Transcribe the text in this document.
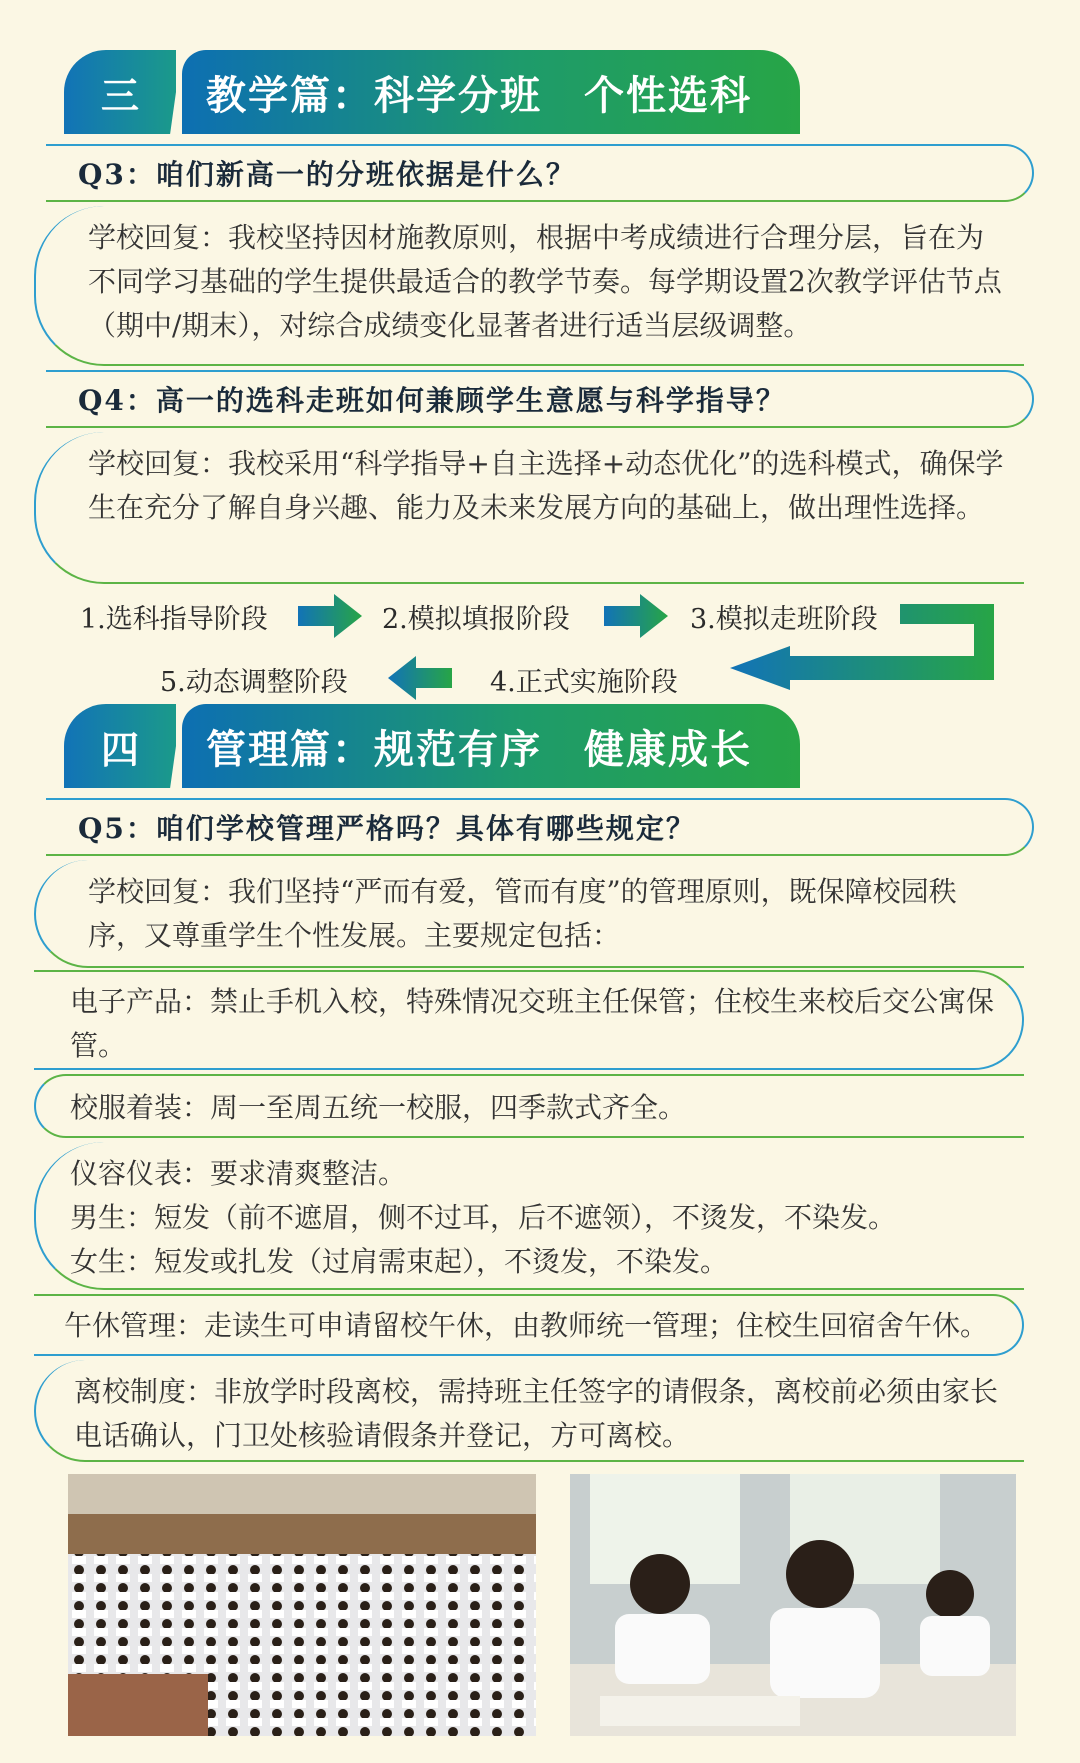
三	教学篇：科学分班　个性选科
Q3：咱们新高一的分班依据是什么？
学校回复：我校坚持因材施教原则，根据中考成绩进行合理分层，旨在为不同学习基础的学生提供最适合的教学节奏。每学期设置2次教学评估节点（期中/期末），对综合成绩变化显著者进行适当层级调整。
Q4：高一的选科走班如何兼顾学生意愿与科学指导？
学校回复：我校采用“科学指导+自主选择+动态优化”的选科模式，确保学生在充分了解自身兴趣、能力及未来发展方向的基础上，做出理性选择。
1.选科指导阶段	2.模拟填报阶段	3.模拟走班阶段
5.动态调整阶段	4.正式实施阶段
四	管理篇：规范有序　健康成长
Q5：咱们学校管理严格吗？具体有哪些规定？
学校回复：我们坚持“严而有爱，管而有度”的管理原则，既保障校园秩序，又尊重学生个性发展。主要规定包括：
电子产品：禁止手机入校，特殊情况交班主任保管；住校生来校后交公寓保管。
校服着装：周一至周五统一校服，四季款式齐全。
仪容仪表：要求清爽整洁。
男生：短发（前不遮眉，侧不过耳，后不遮领），不烫发，不染发。
女生：短发或扎发（过肩需束起），不烫发，不染发。
午休管理：走读生可申请留校午休，由教师统一管理；住校生回宿舍午休。
离校制度：非放学时段离校，需持班主任签字的请假条，离校前必须由家长电话确认，门卫处核验请假条并登记，方可离校。
